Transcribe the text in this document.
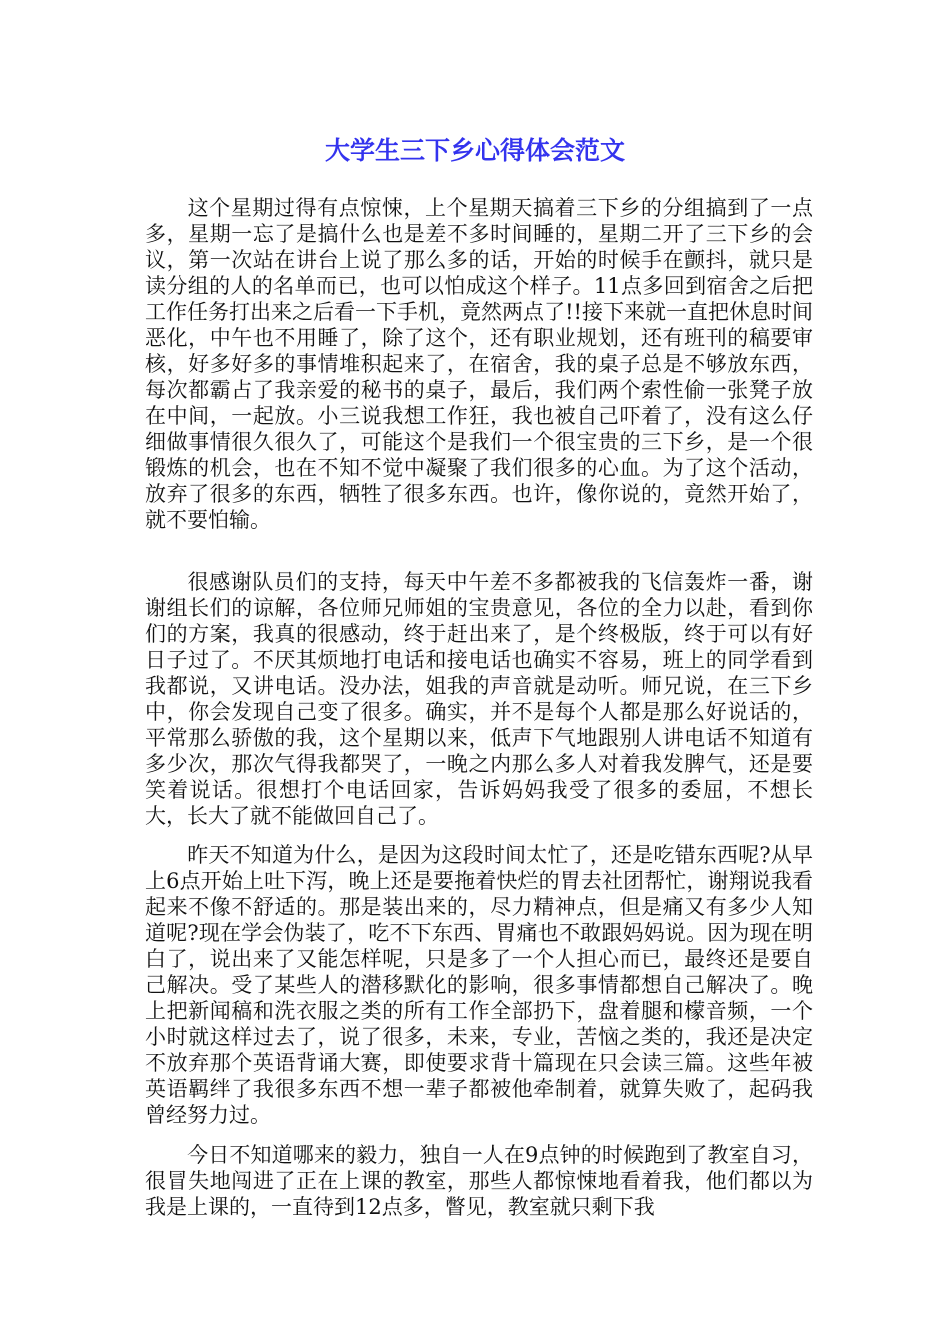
大学生三下乡心得体会范文

这个星期过得有点惊悚，上个星期天搞着三下乡的分组搞到了一点多，星期一忘了是搞什么也是差不多时间睡的，星期二开了三下乡的会议，第一次站在讲台上说了那么多的话，开始的时候手在颤抖，就只是读分组的人的名单而已，也可以怕成这个样子。11点多回到宿舍之后把工作任务打出来之后看一下手机，竟然两点了!!接下来就一直把休息时间恶化，中午也不用睡了，除了这个，还有职业规划，还有班刊的稿要审核，好多好多的事情堆积起来了，在宿舍，我的桌子总是不够放东西，每次都霸占了我亲爱的秘书的桌子，最后，我们两个索性偷一张凳子放在中间，一起放。小三说我想工作狂，我也被自己吓着了，没有这么仔细做事情很久很久了，可能这个是我们一个很宝贵的三下乡，是一个很锻炼的机会，也在不知不觉中凝聚了我们很多的心血。为了这个活动，放弃了很多的东西，牺牲了很多东西。也许，像你说的，竟然开始了，就不要怕输。

很感谢队员们的支持，每天中午差不多都被我的飞信轰炸一番，谢谢组长们的谅解，各位师兄师姐的宝贵意见，各位的全力以赴，看到你们的方案，我真的很感动，终于赶出来了，是个终极版，终于可以有好日子过了。不厌其烦地打电话和接电话也确实不容易，班上的同学看到我都说，又讲电话。没办法，姐我的声音就是动听。师兄说，在三下乡中，你会发现自己变了很多。确实，并不是每个人都是那么好说话的，平常那么骄傲的我，这个星期以来，低声下气地跟别人讲电话不知道有多少次，那次气得我都哭了，一晚之内那么多人对着我发脾气，还是要笑着说话。很想打个电话回家，告诉妈妈我受了很多的委屈，不想长大，长大了就不能做回自己了。

昨天不知道为什么，是因为这段时间太忙了，还是吃错东西呢?从早上6点开始上吐下泻，晚上还是要拖着快烂的胃去社团帮忙，谢翔说我看起来不像不舒适的。那是装出来的，尽力精神点，但是痛又有多少人知道呢?现在学会伪装了，吃不下东西、胃痛也不敢跟妈妈说。因为现在明白了，说出来了又能怎样呢，只是多了一个人担心而已，最终还是要自己解决。受了某些人的潜移默化的影响，很多事情都想自己解决了。晚上把新闻稿和洗衣服之类的所有工作全部扔下，盘着腿和檬音频，一个小时就这样过去了，说了很多，未来，专业，苦恼之类的，我还是决定不放弃那个英语背诵大赛，即使要求背十篇现在只会读三篇。这些年被英语羁绊了我很多东西不想一辈子都被他牵制着，就算失败了，起码我曾经努力过。

今日不知道哪来的毅力，独自一人在9点钟的时候跑到了教室自习，很冒失地闯进了正在上课的教室，那些人都惊悚地看着我，他们都以为我是上课的，一直待到12点多，瞥见，教室就只剩下我
